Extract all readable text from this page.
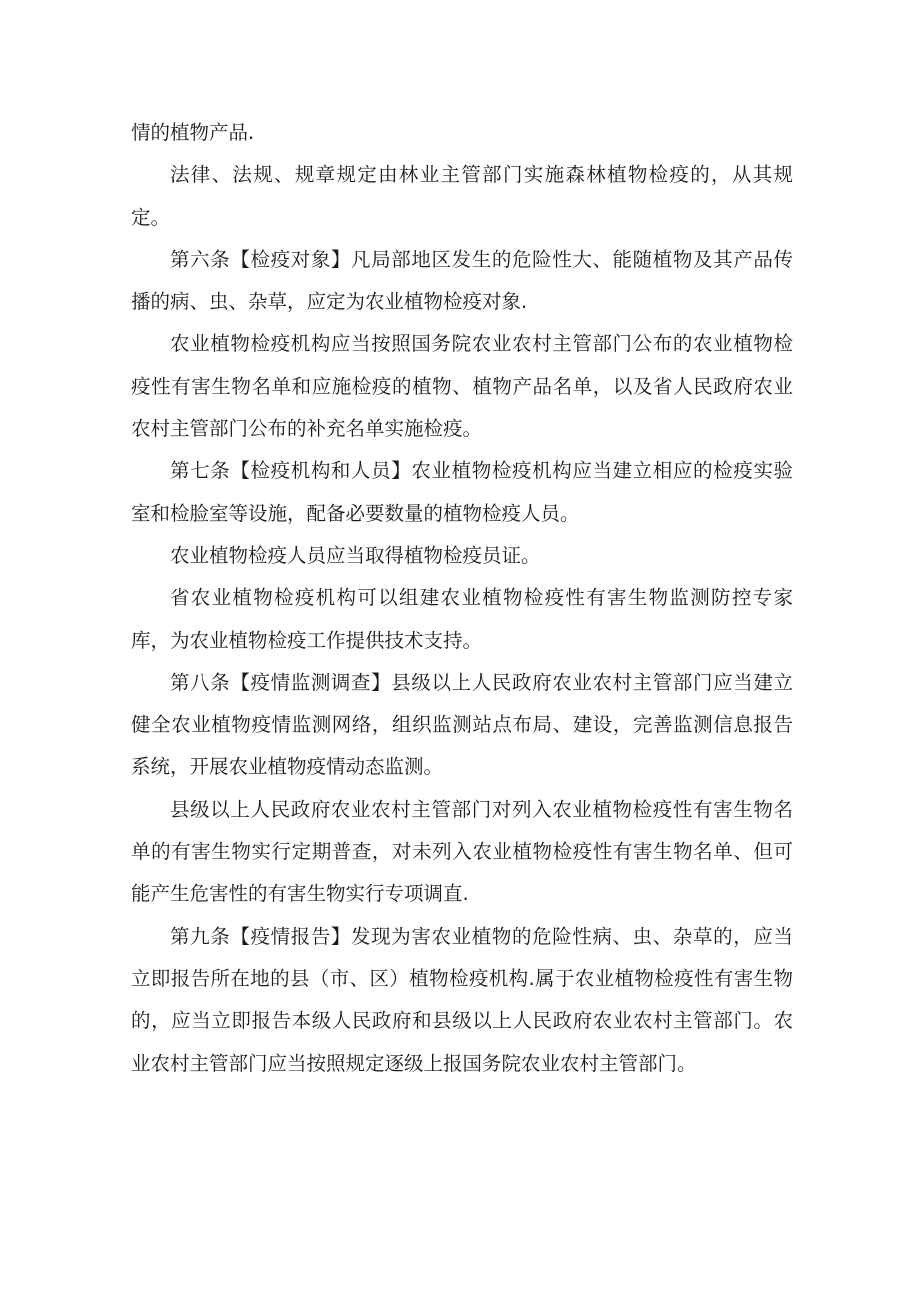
情的植物产品.

法律、法规、规章规定由林业主管部门实施森林植物检疫的，从其规定。

第六条【检疫对象】凡局部地区发生的危险性大、能随植物及其产品传播的病、虫、杂草，应定为农业植物检疫对象.

农业植物检疫机构应当按照国务院农业农村主管部门公布的农业植物检疫性有害生物名单和应施检疫的植物、植物产品名单，以及省人民政府农业农村主管部门公布的补充名单实施检疫。

第七条【检疫机构和人员】农业植物检疫机构应当建立相应的检疫实验室和检脸室等设施，配备必要数量的植物检疫人员。

农业植物检疫人员应当取得植物检疫员证。

省农业植物检疫机构可以组建农业植物检疫性有害生物监测防控专家库，为农业植物检疫工作提供技术支持。

第八条【疫情监测调查】县级以上人民政府农业农村主管部门应当建立健全农业植物疫情监测网络，组织监测站点布局、建设，完善监测信息报告系统，开展农业植物疫情动态监测。

县级以上人民政府农业农村主管部门对列入农业植物检疫性有害生物名单的有害生物实行定期普查，对未列入农业植物检疫性有害生物名单、但可能产生危害性的有害生物实行专项调直.

第九条【疫情报告】发现为害农业植物的危险性病、虫、杂草的，应当立即报告所在地的县（市、区）植物检疫机构.属于农业植物检疫性有害生物的，应当立即报告本级人民政府和县级以上人民政府农业农村主管部门。农业农村主管部门应当按照规定逐级上报国务院农业农村主管部门。
